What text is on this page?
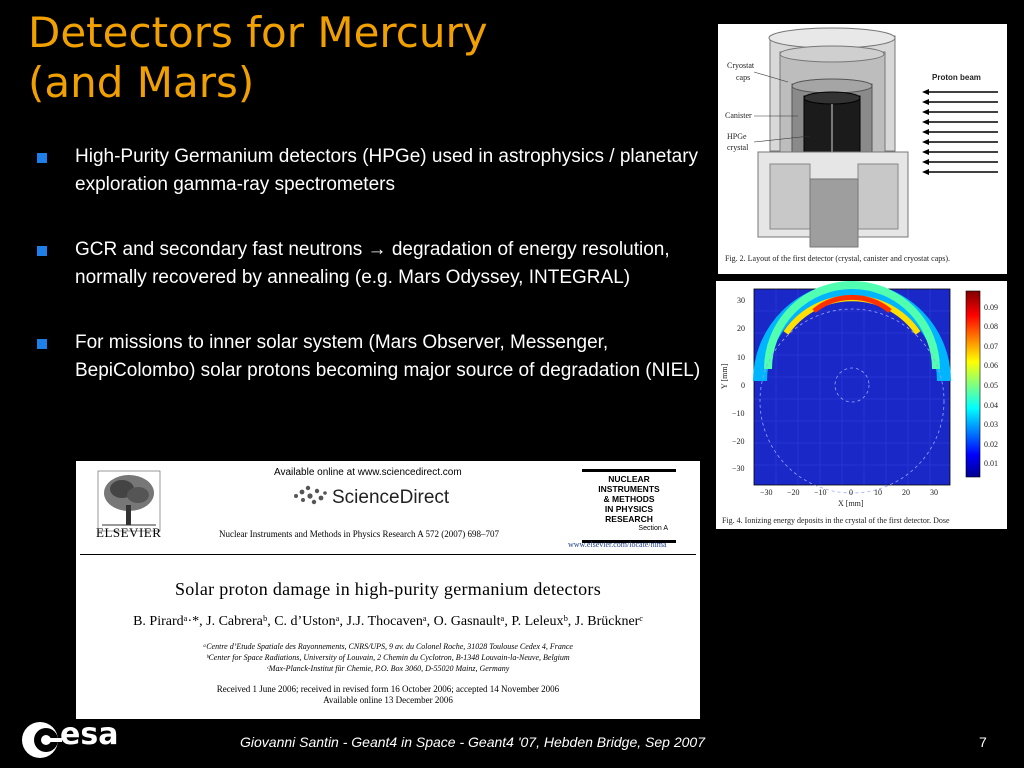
Detectors for Mercury
(and Mars)
High-Purity Germanium detectors (HPGe) used in astrophysics / planetary exploration gamma-ray spectrometers
GCR and secondary fast neutrons → degradation of energy resolution, normally recovered by annealing (e.g. Mars Odyssey, INTEGRAL)
For missions to inner solar system (Mars Observer, Messenger, BepiColombo) solar protons becoming major source of degradation (NIEL)
Cryostat
caps
Canister
HPGe
crystal
Proton beam
Fig. 2. Layout of the first detector (crystal, canister and cryostat caps).
30
20
10
0
−10
−20
−30
Y [mm]
−30 −20 −10	0	10	20	30
X [mm]
0.09
0.08
0.07
0.06
0.05
0.04
0.03
0.02
0.01
Fig. 4. Ionizing energy deposits in the crystal of the first detector. Dose
ELSEVIER
Available online at www.sciencedirect.com
ScienceDirect
Nuclear Instruments and Methods in Physics Research A 572 (2007) 698–707
NUCLEAR
INSTRUMENTS
& METHODS
IN PHYSICS
RESEARCH
Section A
www.elsevier.com/locate/nima
Solar proton damage in high-purity germanium detectors
B. Pirardᵃ·*, J. Cabreraᵇ, C. d’Ustonᵃ, J.J. Thocavenᵃ, O. Gasnaultᵃ, P. Leleuxᵇ, J. Brücknerᶜ
ᵃCentre d’Etude Spatiale des Rayonnements, CNRS/UPS, 9 av. du Colonel Roche, 31028 Toulouse Cedex 4, France
ᵇCenter for Space Radiations, University of Louvain, 2 Chemin du Cyclotron, B-1348 Louvain-la-Neuve, Belgium
ᶜMax-Planck-Institut für Chemie, P.O. Box 3060, D-55020 Mainz, Germany
Received 1 June 2006; received in revised form 16 October 2006; accepted 14 November 2006
Available online 13 December 2006
esa	Giovanni Santin - Geant4 in Space - Geant4 '07, Hebden Bridge, Sep 2007	7
